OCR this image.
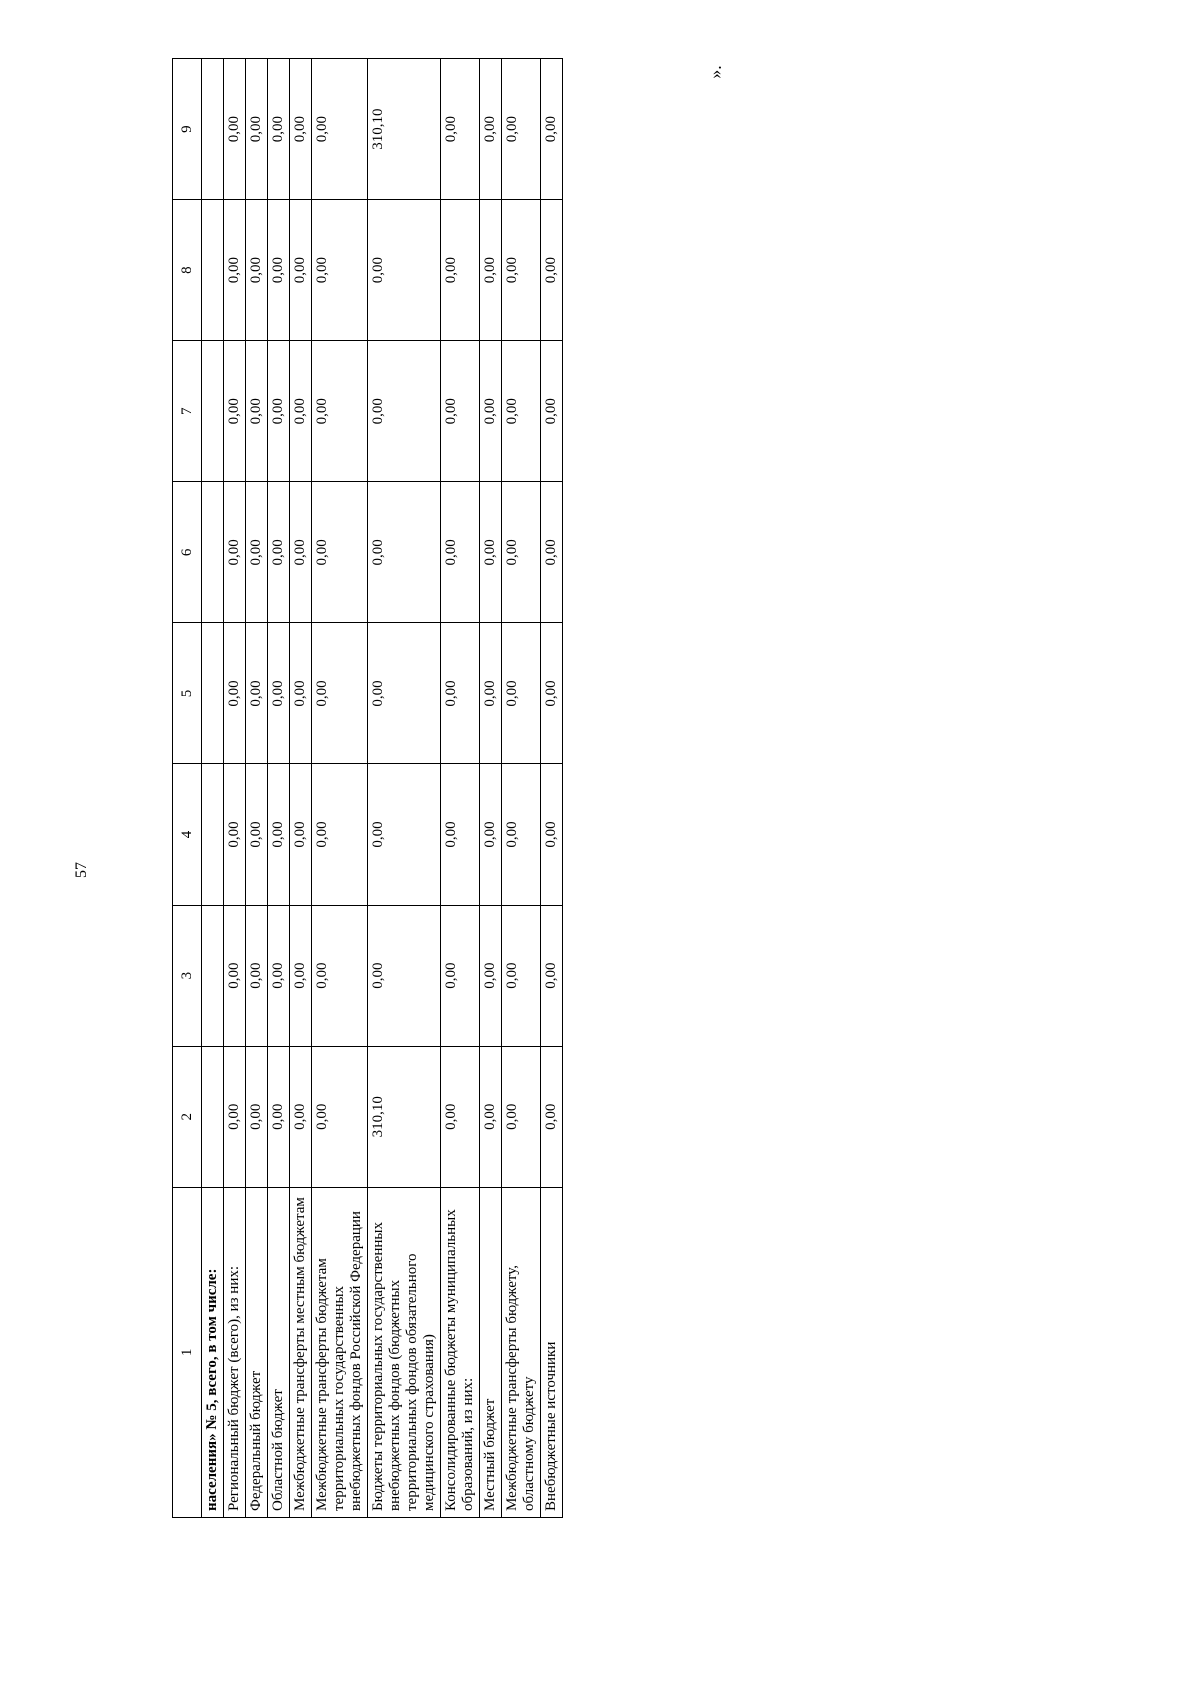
57
».
1	2	3	4	5	6	7	8	9
населения» № 5, всего, в том числе:								
Региональный бюджет (всего), из них:	0,00	0,00	0,00	0,00	0,00	0,00	0,00	0,00
Федеральный бюджет	0,00	0,00	0,00	0,00	0,00	0,00	0,00	0,00
Областной бюджет	0,00	0,00	0,00	0,00	0,00	0,00	0,00	0,00
Межбюджетные трансферты местным бюджетам	0,00	0,00	0,00	0,00	0,00	0,00	0,00	0,00
Межбюджетные трансферты бюджетам территориальных государственных внебюджетных фондов Российской Федерации	0,00	0,00	0,00	0,00	0,00	0,00	0,00	0,00
Бюджеты территориальных государственных внебюджетных фондов (бюджетных территориальных фондов обязательного медицинского страхования)	310,10	0,00	0,00	0,00	0,00	0,00	0,00	310,10
Консолидированные бюджеты муниципальных образований, из них:	0,00	0,00	0,00	0,00	0,00	0,00	0,00	0,00
Местный бюджет	0,00	0,00	0,00	0,00	0,00	0,00	0,00	0,00
Межбюджетные трансферты бюджету, областному бюджету	0,00	0,00	0,00	0,00	0,00	0,00	0,00	0,00
Внебюджетные источники	0,00	0,00	0,00	0,00	0,00	0,00	0,00	0,00
